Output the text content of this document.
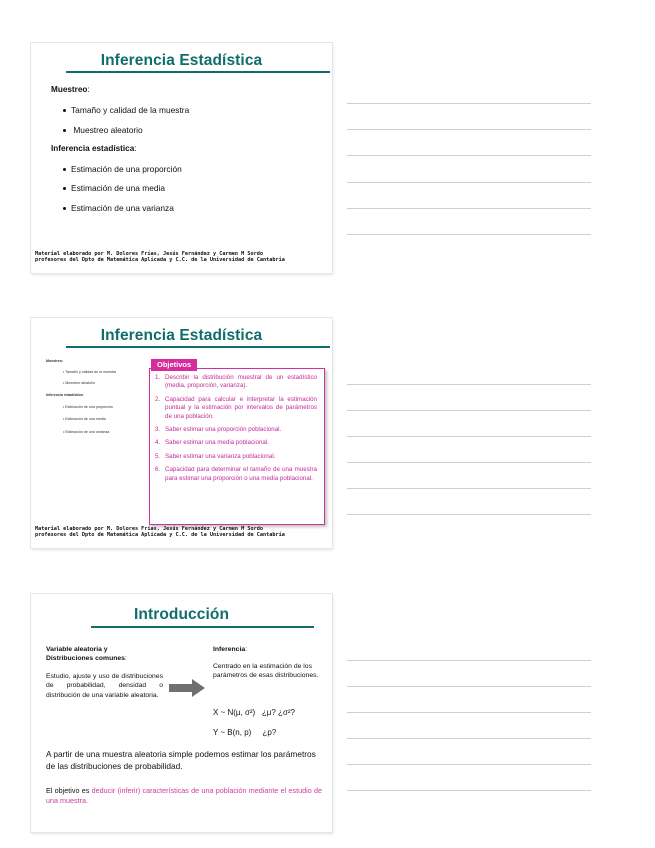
Inferencia Estadística
Muestreo:
Tamaño y calidad de la muestra
Muestreo aleatorio
Inferencia estadística:
Estimación de una proporción
Estimación de una media
Estimación de una varianza
Material elaborado por M. Dolores Frías, Jesús Fernández y Carmen M Sordo
profesores del Dpto de Matemática Aplicada y C.C. de la Universidad de Cantabria
Inferencia Estadística
Muestreo:
• Tamaño y calidad de la muestra
• Muestreo aleatorio
Inferencia estadística:
• Estimación de una proporción
• Estimación de una media
• Estimación de una varianza
Objetivos
1. Describir la distribución muestral de un estadístico (media, proporción, varianza).
2. Capacidad para calcular e interpretar la estimación puntual y la estimación por intervalos de parámetros de una población.
3. Saber estimar una proporción poblacional.
4. Saber estimar una media poblacional.
5. Saber estimar una varianza poblacional.
6. Capacidad para determinar el tamaño de una muestra para estimar una proporción o una media poblacional.
Material elaborado por M. Dolores Frías, Jesús Fernández y Carmen M Sordo
profesores del Dpto de Matemática Aplicada y C.C. de la Universidad de Cantabria
Introducción
Variable aleatoria y
Distribuciones comunes:
Estudio, ajuste y uso de distribuciones de probabilidad, densidad o distribución de una variable aleatoria.
Inferencia:
Centrado en la estimación de los parámetros de esas distribuciones.
X ~ N(μ, σ²)   ¿μ? ¿σ²?
Y ~ B(n, p)     ¿p?
A partir de una muestra aleatoria simple podemos estimar los parámetros de las distribuciones de probabilidad.
El objetivo es deducir (inferir) características de una población mediante el estudio de una muestra.
